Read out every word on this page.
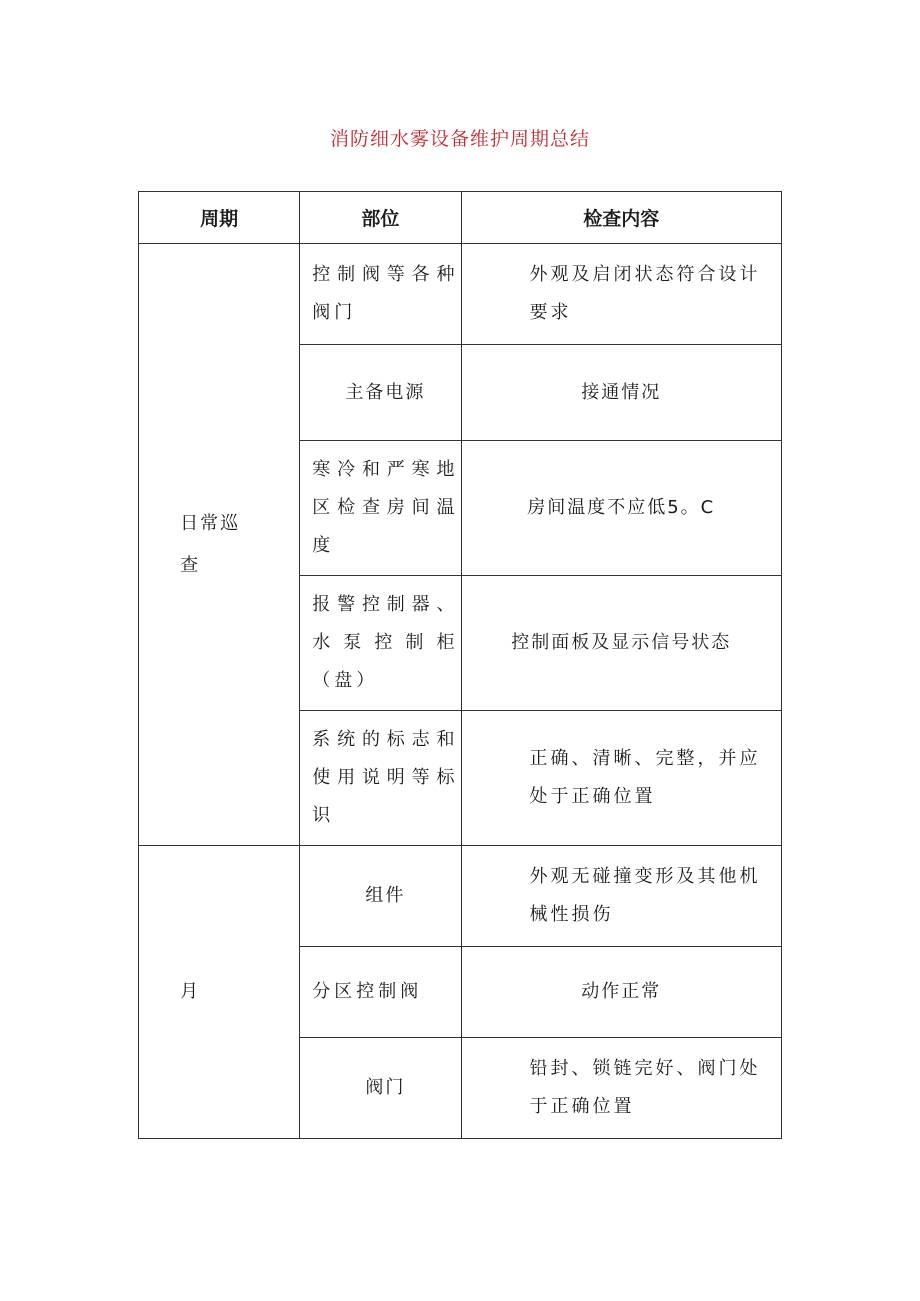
消防细水雾设备维护周期总结
周期	部位	检查内容
日常巡查	控制阀等各种阀门	外观及启闭状态符合设计要求
	主备电源	接通情况
	寒冷和严寒地区检查房间温度	房间温度不应低5。C
	报警控制器、水泵控制柜（盘）	控制面板及显示信号状态
	系统的标志和使用说明等标识	正确、清晰、完整，并应处于正确位置
月	组件	外观无碰撞变形及其他机械性损伤
	分区控制阀	动作正常
	阀门	铅封、锁链完好、阀门处于正确位置
